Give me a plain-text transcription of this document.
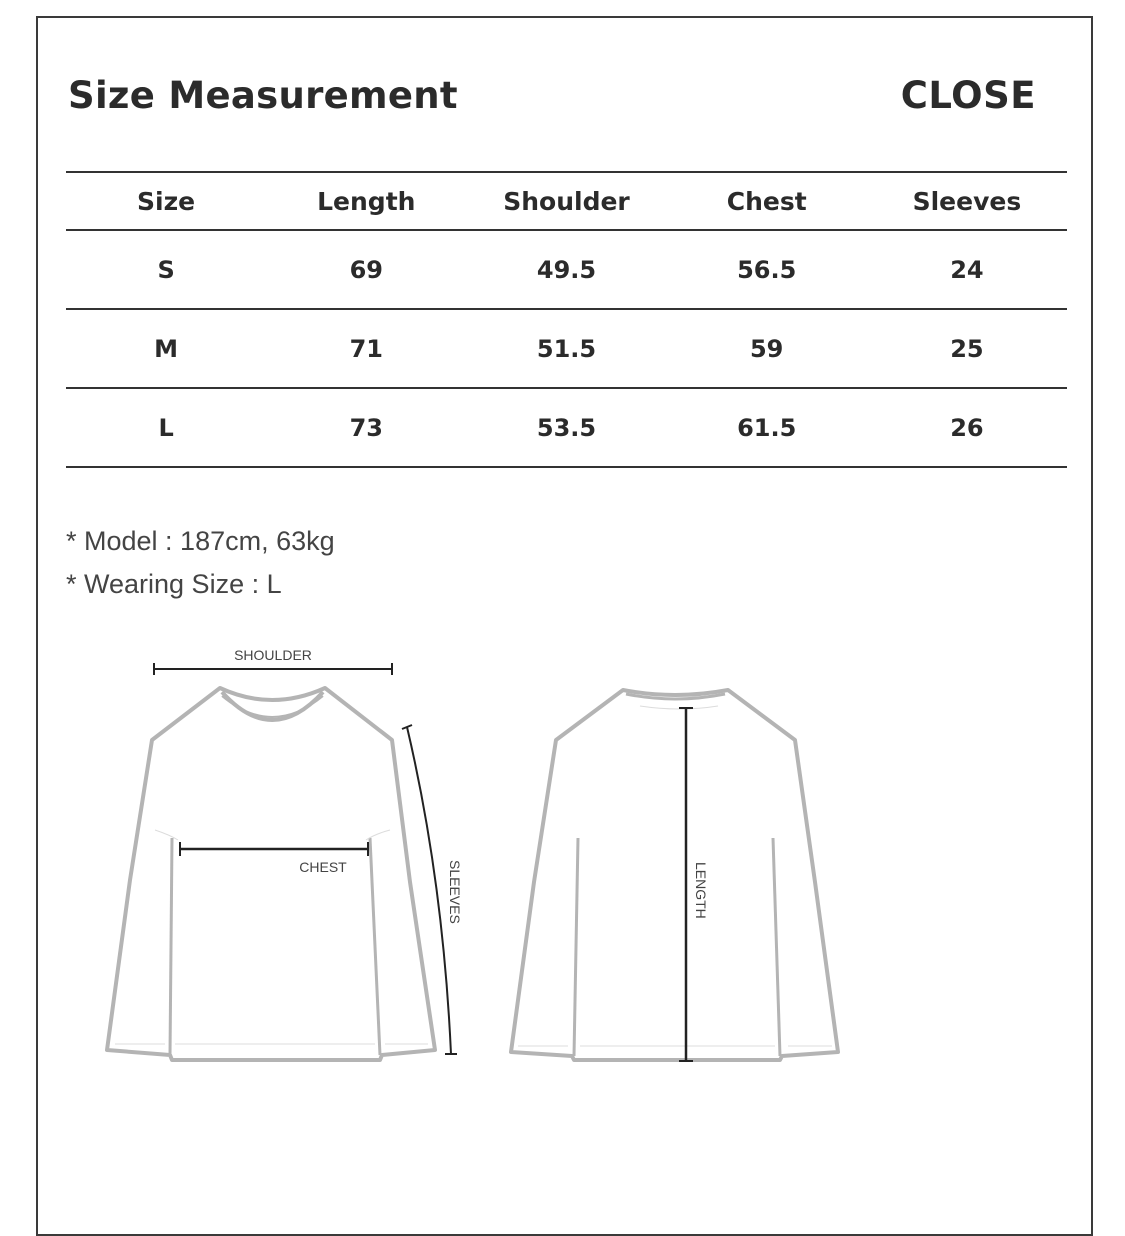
Size Measurement	CLOSE
Size	Length	Shoulder	Chest	Sleeves
S	69	49.5	56.5	24
M	71	51.5	59	25
L	73	53.5	61.5	26
* Model : 187cm, 63kg
* Wearing Size : L
SHOULDER
CHEST	SLEEVES	LENGTH
